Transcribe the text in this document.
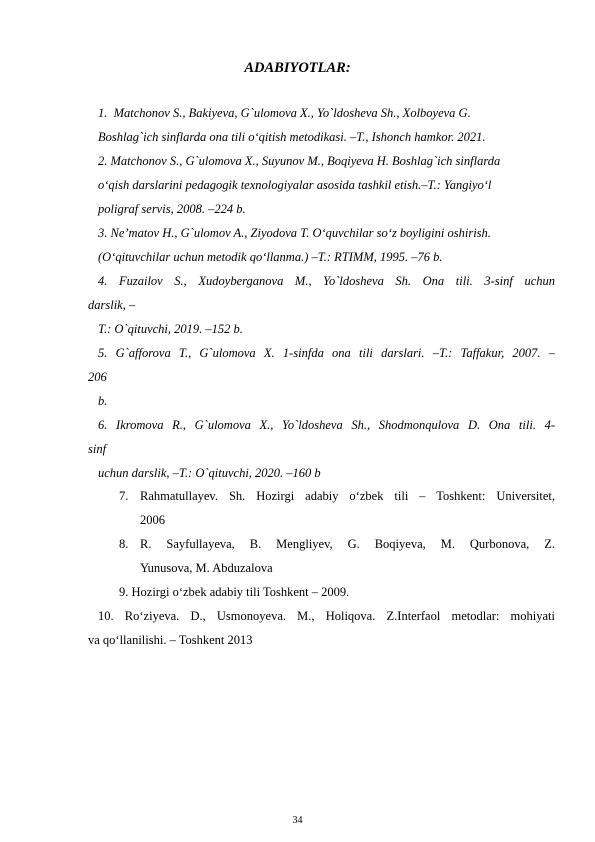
ADABIYOTLAR:
1. Matchonov S., Bakiyeva, G`ulomova X., Yo`ldosheva Sh., Xolboyeva G.
Boshlag`ich sinflarda ona tili o‘qitish metodikasi. –T., Ishonch hamkor. 2021.
2. Matchonov S., G`ulomova X., Suyunov M., Boqiyeva H. Boshlag`ich sinflarda
o‘qish darslarini pedagogik texnologiyalar asosida tashkil etish.–T.: Yangiyo‘l
poligraf servis, 2008. –224 b.
3. Ne’matov H., G`ulomov A., Ziyodova T. O‘quvchilar so‘z boyligini oshirish.
(O‘qituvchilar uchun metodik qo‘llanma.) –T.: RTIMM, 1995. –76 b.
4. Fuzailov S., Xudoyberganova M., Yo`ldosheva Sh. Ona tili. 3-sinf uchun
darslik, –
T.: O`qituvchi, 2019. –152 b.
5. G`afforova T., G`ulomova X. 1-sinfda ona tili darslari. –T.: Taffakur, 2007. –
206
b.
6. Ikromova R., G`ulomova X., Yo`ldosheva Sh., Shodmonqulova D. Ona tili. 4-
sinf
uchun darslik, –T.: O`qituvchi, 2020. –160 b
7. Rahmatullayev. Sh. Hozirgi adabiy o‘zbek tili – Toshkent: Universitet,
2006
8. R. Sayfullayeva, B. Mengliyev, G. Boqiyeva, M. Qurbonova, Z.
Yunusova, M. Abduzalova
9. Hozirgi o‘zbek adabiy tili Toshkent – 2009.
10. Ro‘ziyeva. D., Usmonoyeva. M., Holiqova. Z.Interfaol metodlar: mohiyati
va qo‘llanilishi. – Toshkent 2013
34
